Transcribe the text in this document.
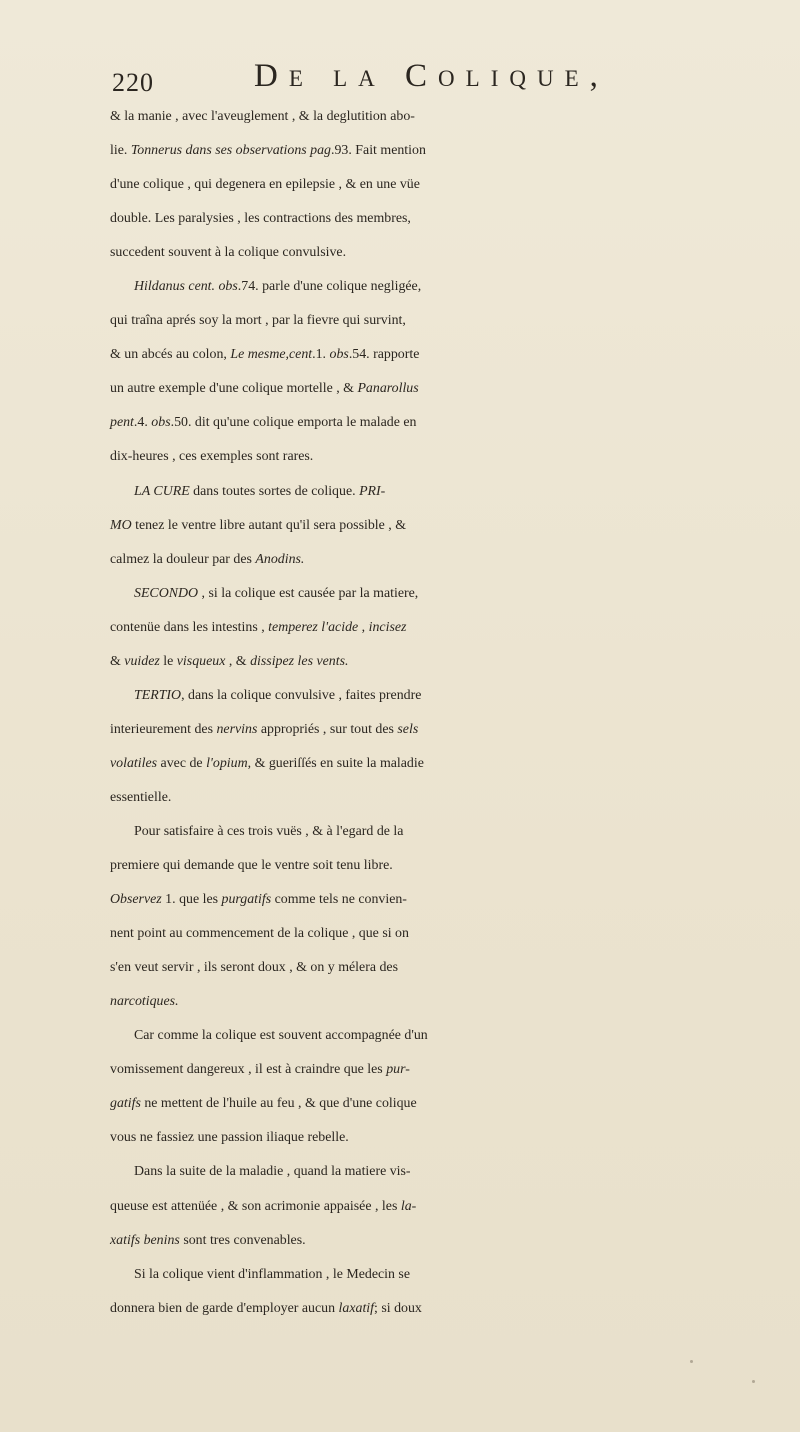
220	De la Colique,
& la manie , avec l'aveuglement , & la deglutition abo-
lie. Tonnerus dans ses observations pag.93. Fait mention
d'une colique , qui degenera en epilepsie , & en une vüe
double. Les paralysies , les contractions des membres,
succedent souvent à la colique convulsive.
Hildanus cent. obs.74. parle d'une colique negligée,
qui traîna aprés soy la mort , par la fievre qui survint,
& un abcés au colon, Le mesme,cent.1. obs.54. rapporte
un autre exemple d'une colique mortelle , & Panarollus
pent.4. obs.50. dit qu'une colique emporta le malade en
dix-heures , ces exemples sont rares.
LA CURE dans toutes sortes de colique. PRI-
MO tenez le ventre libre autant qu'il sera possible , &
calmez la douleur par des Anodins.
SECONDO , si la colique est causée par la matiere,
contenüe dans les intestins , temperez l'acide , incisez
& vuidez le visqueux , & dissipez les vents.
TERTIO, dans la colique convulsive , faites prendre
interieurement des nervins appropriés , sur tout des sels
volatiles avec de l'opium, & gueriſſés en suite la maladie
essentielle.
Pour satisfaire à ces trois vuës , & à l'egard de la
premiere qui demande que le ventre soit tenu libre.
Observez 1. que les purgatifs comme tels ne convien-
nent point au commencement de la colique , que si on
s'en veut servir , ils seront doux , & on y mélera des
narcotiques.
Car comme la colique est souvent accompagnée d'un
vomissement dangereux , il est à craindre que les pur-
gatifs ne mettent de l'huile au feu , & que d'une colique
vous ne fassiez une passion iliaque rebelle.
Dans la suite de la maladie , quand la matiere vis-
queuse est attenüée , & son acrimonie appaisée , les la-
xatifs benins sont tres convenables.
Si la colique vient d'inflammation , le Medecin se
donnera bien de garde d'employer aucun laxatif; si doux
